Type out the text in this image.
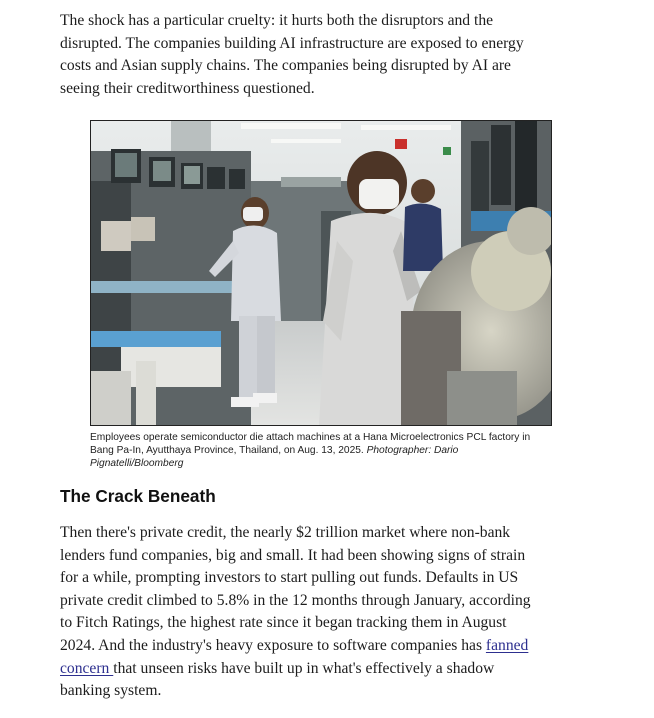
The shock has a particular cruelty: it hurts both the disruptors and the disrupted. The companies building AI infrastructure are exposed to energy costs and Asian supply chains. The companies being disrupted by AI are seeing their creditworthiness questioned.

Employees operate semiconductor die attach machines at a Hana Microelectronics PCL factory in Bang Pa-In, Ayutthaya Province, Thailand, on Aug. 13, 2025. Photographer: Dario Pignatelli/Bloomberg
The Crack Beneath

Then there's private credit, the nearly $2 trillion market where non-bank lenders fund companies, big and small. It had been showing signs of strain for a while, prompting investors to start pulling out funds. Defaults in US private credit climbed to 5.8% in the 12 months through January, according to Fitch Ratings, the highest rate since it began tracking them in August 2024. And the industry's heavy exposure to software companies has fanned concern that unseen risks have built up in what's effectively a shadow banking system.
